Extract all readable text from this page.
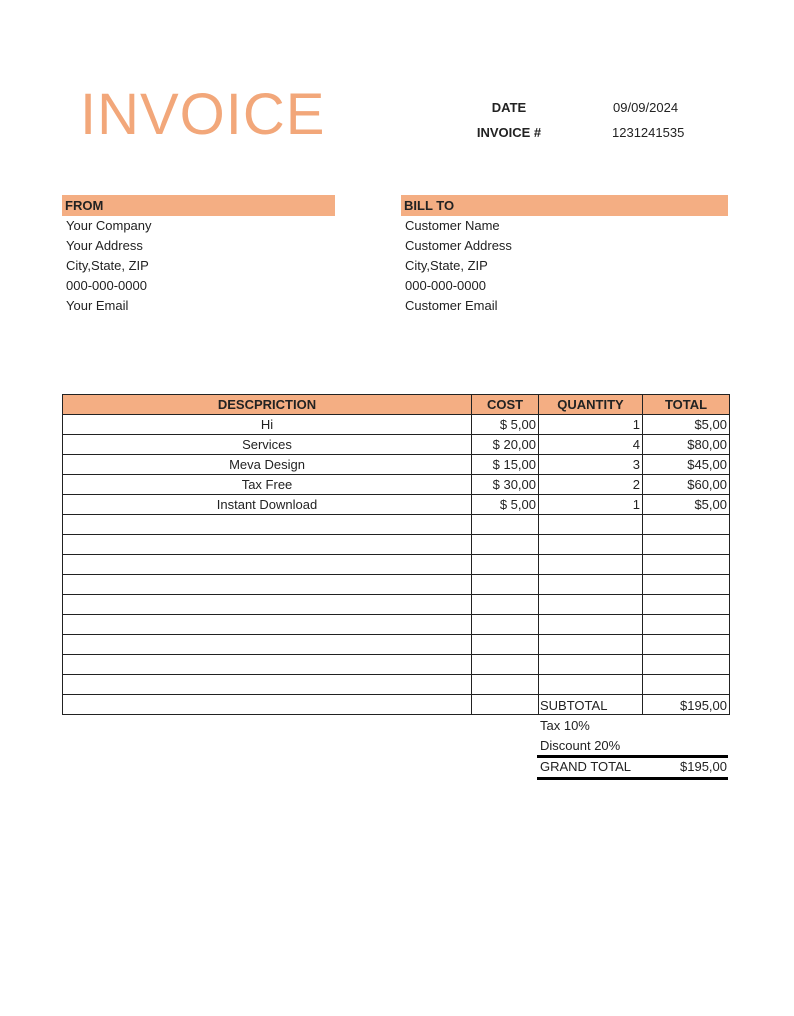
INVOICE	DATE	09/09/2024
INVOICE #	1231241535
FROM
Your Company
Your Address
City,State, ZIP
000-000-0000
Your Email
BILL TO
Customer Name
Customer Address
City,State, ZIP
000-000-0000
Customer Email
DESCPRICTION	COST	QUANTITY	TOTAL
Hi	$ 5,00	1	$5,00
Services	$ 20,00	4	$80,00
Meva Design	$ 15,00	3	$45,00
Tax Free	$ 30,00	2	$60,00
Instant Download	$ 5,00	1	$5,00

SUBTOTAL	$195,00
Tax 10%
Discount 20%
GRAND TOTAL	$195,00
